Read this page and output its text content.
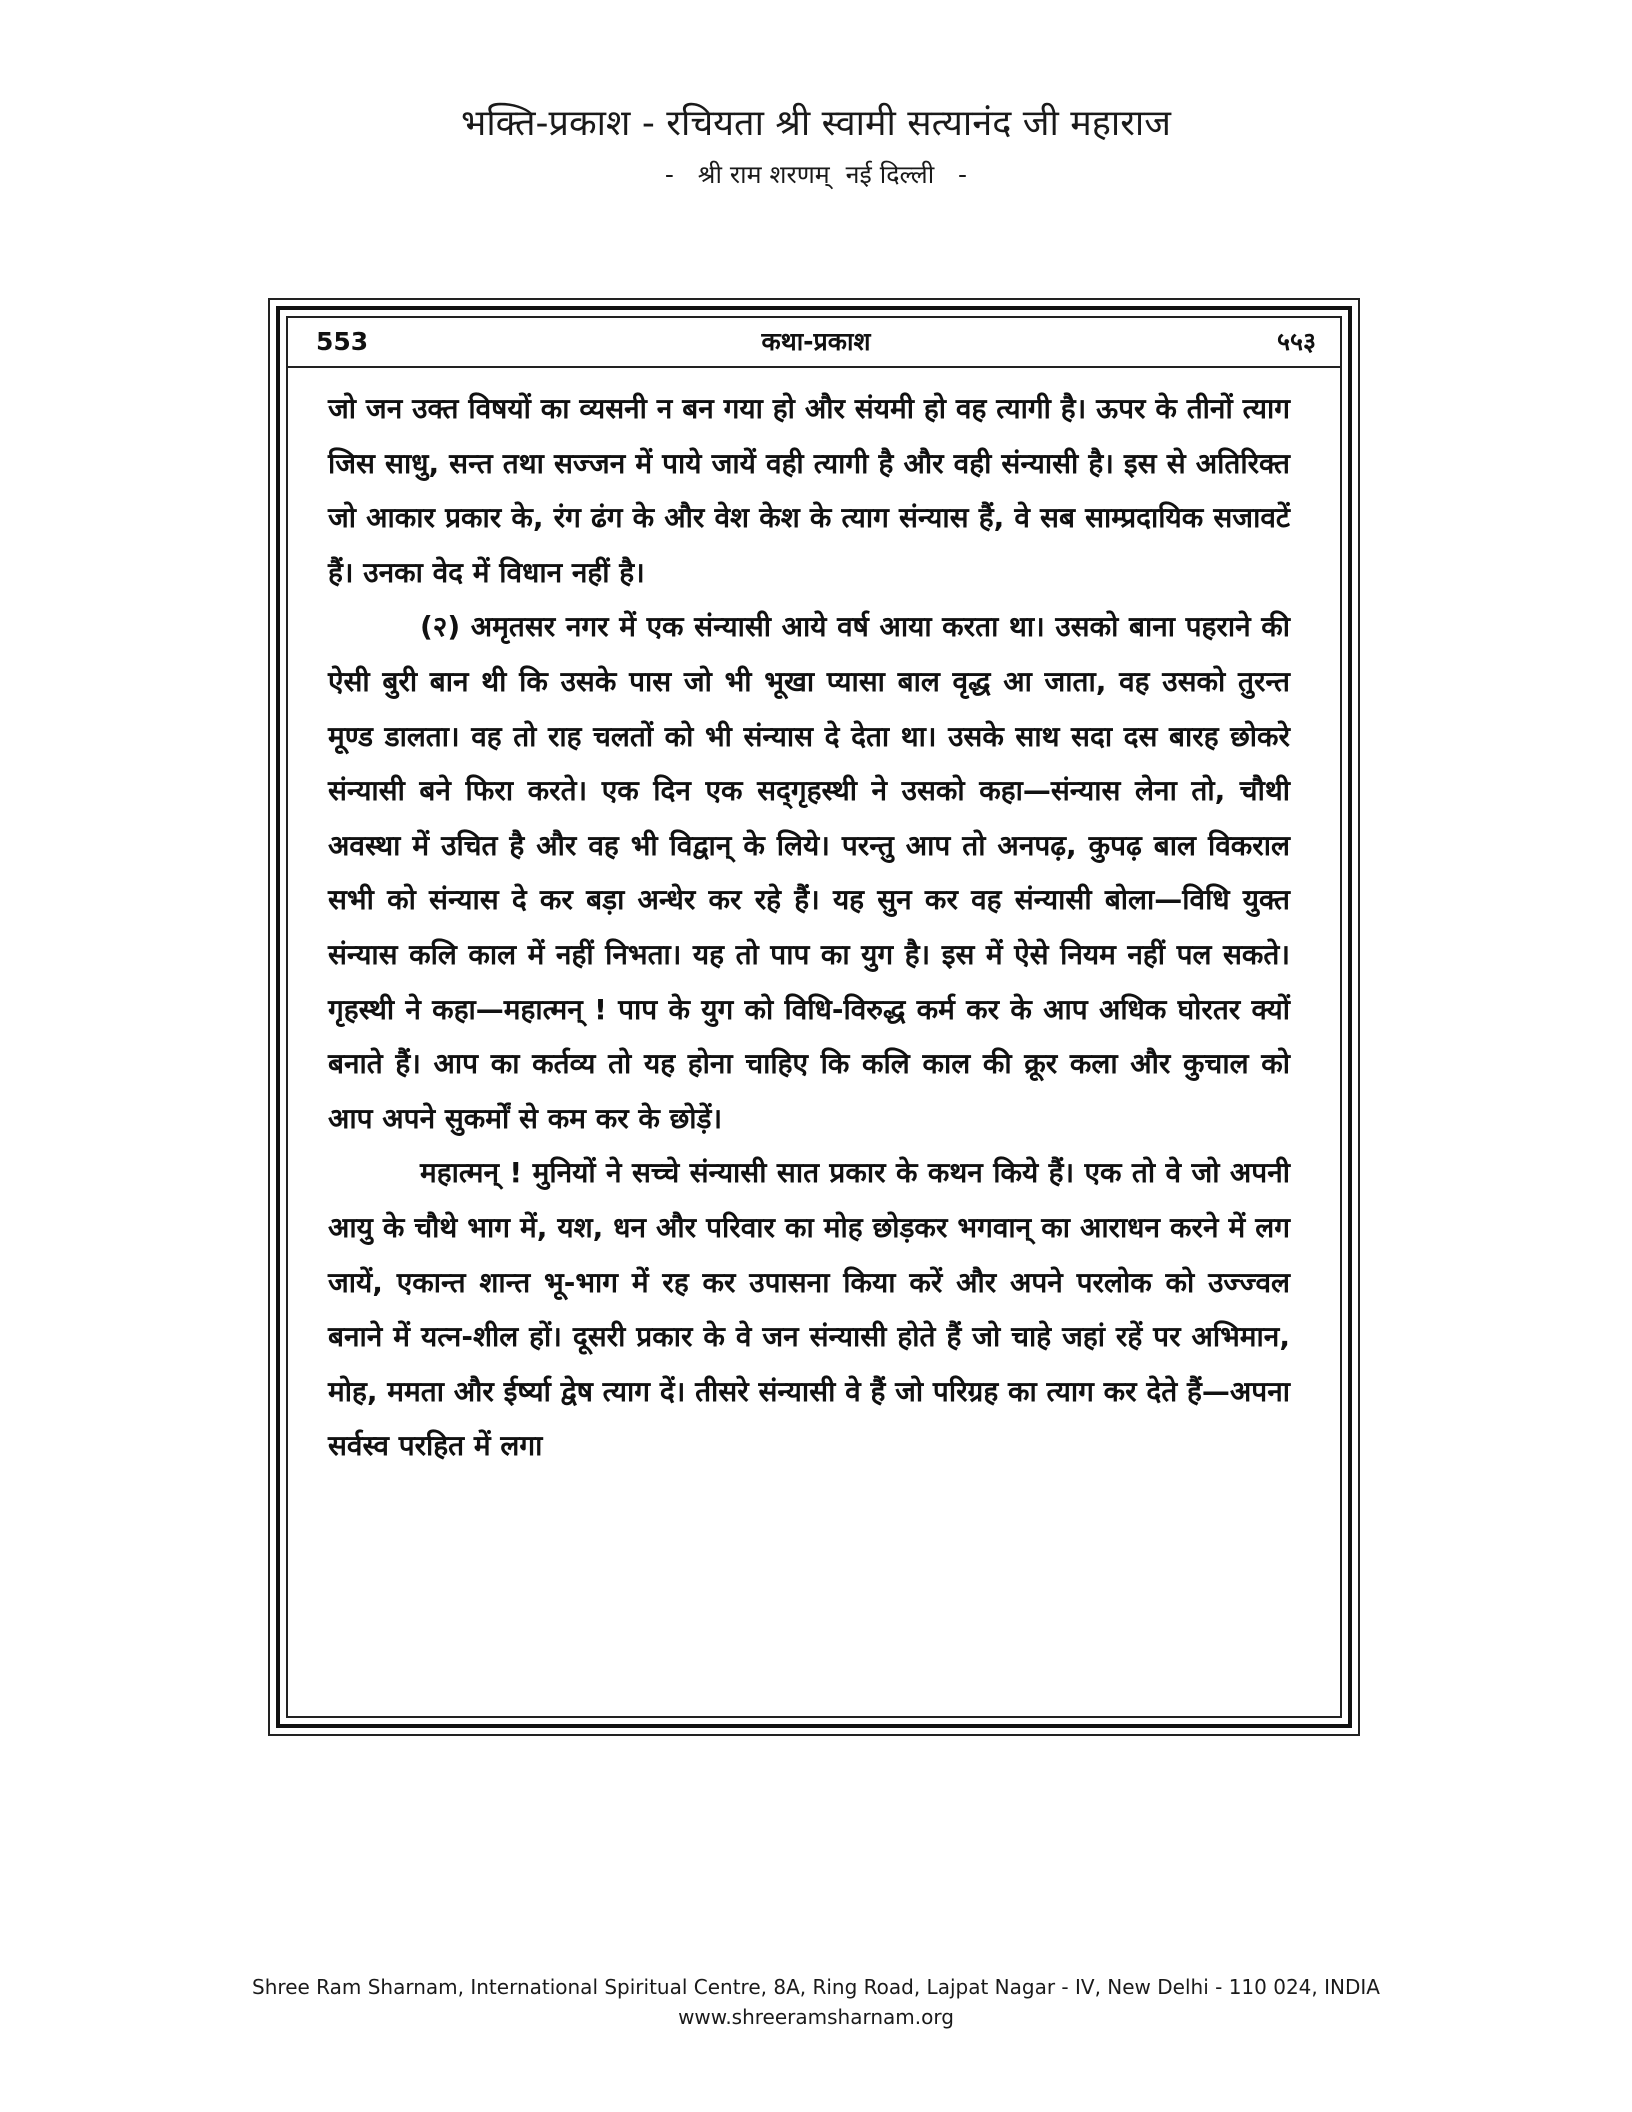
भक्ति-प्रकाश - रचियता श्री स्वामी सत्यानंद जी महाराज
-   श्री राम शरणम्  नई दिल्ली   -
कथा-प्रकाश
553	५५३

जो जन उक्त विषयों का व्यसनी न बन गया हो और संयमी हो वह त्यागी है। ऊपर के तीनों त्याग जिस साधु, सन्त तथा सज्जन में पाये जायें वही त्यागी है और वही संन्यासी है। इस से अतिरिक्त जो आकार प्रकार के, रंग ढंग के और वेश केश के त्याग संन्यास हैं, वे सब साम्प्रदायिक सजावटें हैं। उनका वेद में विधान नहीं है।

(२) अमृतसर नगर में एक संन्यासी आये वर्ष आया करता था। उसको बाना पहराने की ऐसी बुरी बान थी कि उसके पास जो भी भूखा प्यासा बाल वृद्ध आ जाता, वह उसको तुरन्त मूण्ड डालता। वह तो राह चलतों को भी संन्यास दे देता था। उसके साथ सदा दस बारह छोकरे संन्यासी बने फिरा करते। एक दिन एक सद्‌गृहस्थी ने उसको कहा—संन्यास लेना तो, चौथी अवस्था में उचित है और वह भी विद्वान् के लिये। परन्तु आप तो अनपढ़, कुपढ़ बाल विकराल सभी को संन्यास दे कर बड़ा अन्धेर कर रहे हैं। यह सुन कर वह संन्यासी बोला—विधि युक्त संन्यास कलि काल में नहीं निभता। यह तो पाप का युग है। इस में ऐसे नियम नहीं पल सकते। गृहस्थी ने कहा—महात्मन् ! पाप के युग को विधि-विरुद्ध कर्म कर के आप अधिक घोरतर क्यों बनाते हैं। आप का कर्तव्य तो यह होना चाहिए कि कलि काल की क्रूर कला और कुचाल को आप अपने सुकर्मों से कम कर के छोड़ें।

महात्मन् ! मुनियों ने सच्चे संन्यासी सात प्रकार के कथन किये हैं। एक तो वे जो अपनी आयु के चौथे भाग में, यश, धन और परिवार का मोह छोड़कर भगवान् का आराधन करने में लग जायें, एकान्त शान्त भू-भाग में रह कर उपासना किया करें और अपने परलोक को उज्ज्वल बनाने में यत्न-शील हों। दूसरी प्रकार के वे जन संन्यासी होते हैं जो चाहे जहां रहें पर अभिमान, मोह, ममता और ईर्ष्या द्वेष त्याग दें। तीसरे संन्यासी वे हैं जो परिग्रह का त्याग कर देते हैं—अपना सर्वस्व परहित में लगा

Shree Ram Sharnam, International Spiritual Centre, 8A, Ring Road, Lajpat Nagar - IV, New Delhi - 110 024, INDIA
www.shreeramsharnam.org
